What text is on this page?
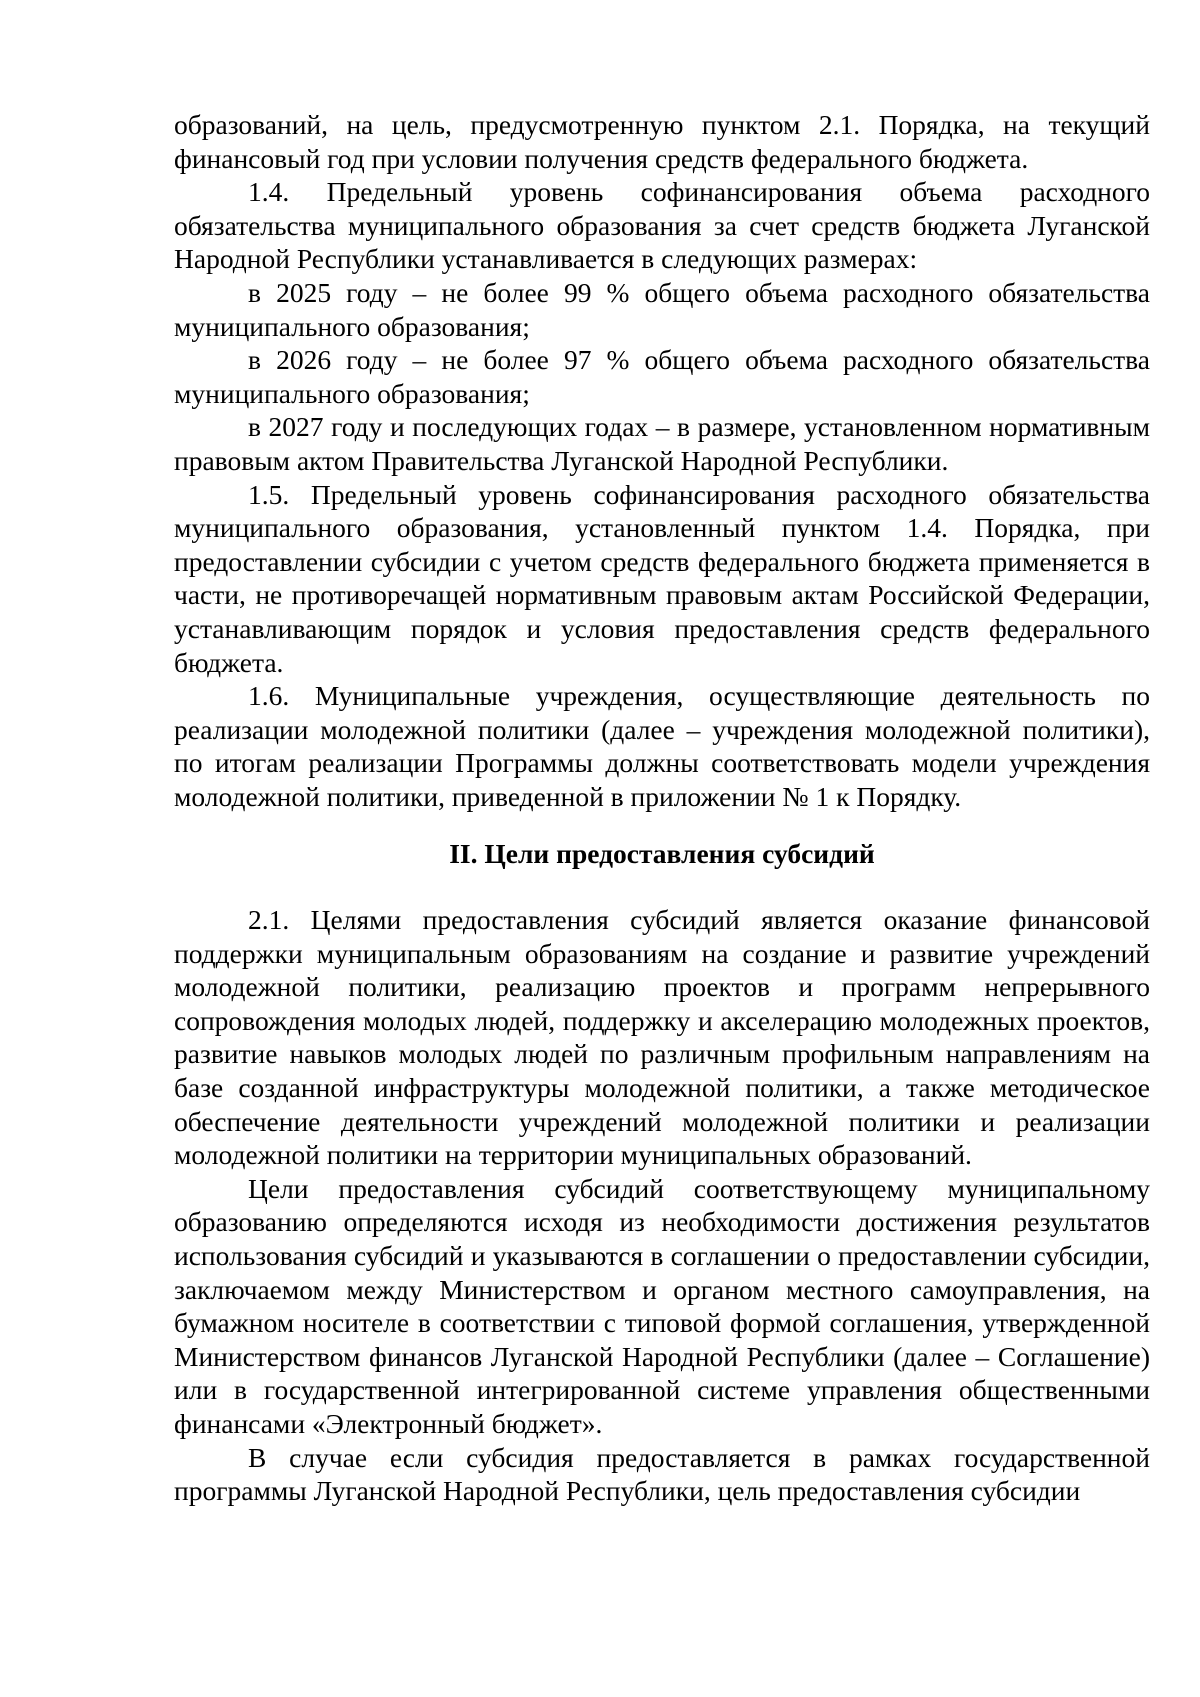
образований, на цель, предусмотренную пунктом 2.1. Порядка, на текущий финансовый год при условии получения средств федерального бюджета.

1.4. Предельный уровень софинансирования объема расходного обязательства муниципального образования за счет средств бюджета Луганской Народной Республики устанавливается в следующих размерах:

в 2025 году – не более 99 % общего объема расходного обязательства муниципального образования;

в 2026 году – не более 97 % общего объема расходного обязательства муниципального образования;

в 2027 году и последующих годах – в размере, установленном нормативным правовым актом Правительства Луганской Народной Республики.

1.5. Предельный уровень софинансирования расходного обязательства муниципального образования, установленный пунктом 1.4. Порядка, при предоставлении субсидии с учетом средств федерального бюджета применяется в части, не противоречащей нормативным правовым актам Российской Федерации, устанавливающим порядок и условия предоставления средств федерального бюджета.

1.6. Муниципальные учреждения, осуществляющие деятельность по реализации молодежной политики (далее – учреждения молодежной политики), по итогам реализации Программы должны соответствовать модели учреждения молодежной политики, приведенной в приложении № 1 к Порядку.

II. Цели предоставления субсидий

2.1. Целями предоставления субсидий является оказание финансовой поддержки муниципальным образованиям на создание и развитие учреждений молодежной политики, реализацию проектов и программ непрерывного сопровождения молодых людей, поддержку и акселерацию молодежных проектов, развитие навыков молодых людей по различным профильным направлениям на базе созданной инфраструктуры молодежной политики, а также методическое обеспечение деятельности учреждений молодежной политики и реализации молодежной политики на территории муниципальных образований.

Цели предоставления субсидий соответствующему муниципальному образованию определяются исходя из необходимости достижения результатов использования субсидий и указываются в соглашении о предоставлении субсидии, заключаемом между Министерством и органом местного самоуправления, на бумажном носителе в соответствии с типовой формой соглашения, утвержденной Министерством финансов Луганской Народной Республики (далее – Соглашение) или в государственной интегрированной системе управления общественными финансами «Электронный бюджет».

В случае если субсидия предоставляется в рамках государственной программы Луганской Народной Республики, цель предоставления субсидии
